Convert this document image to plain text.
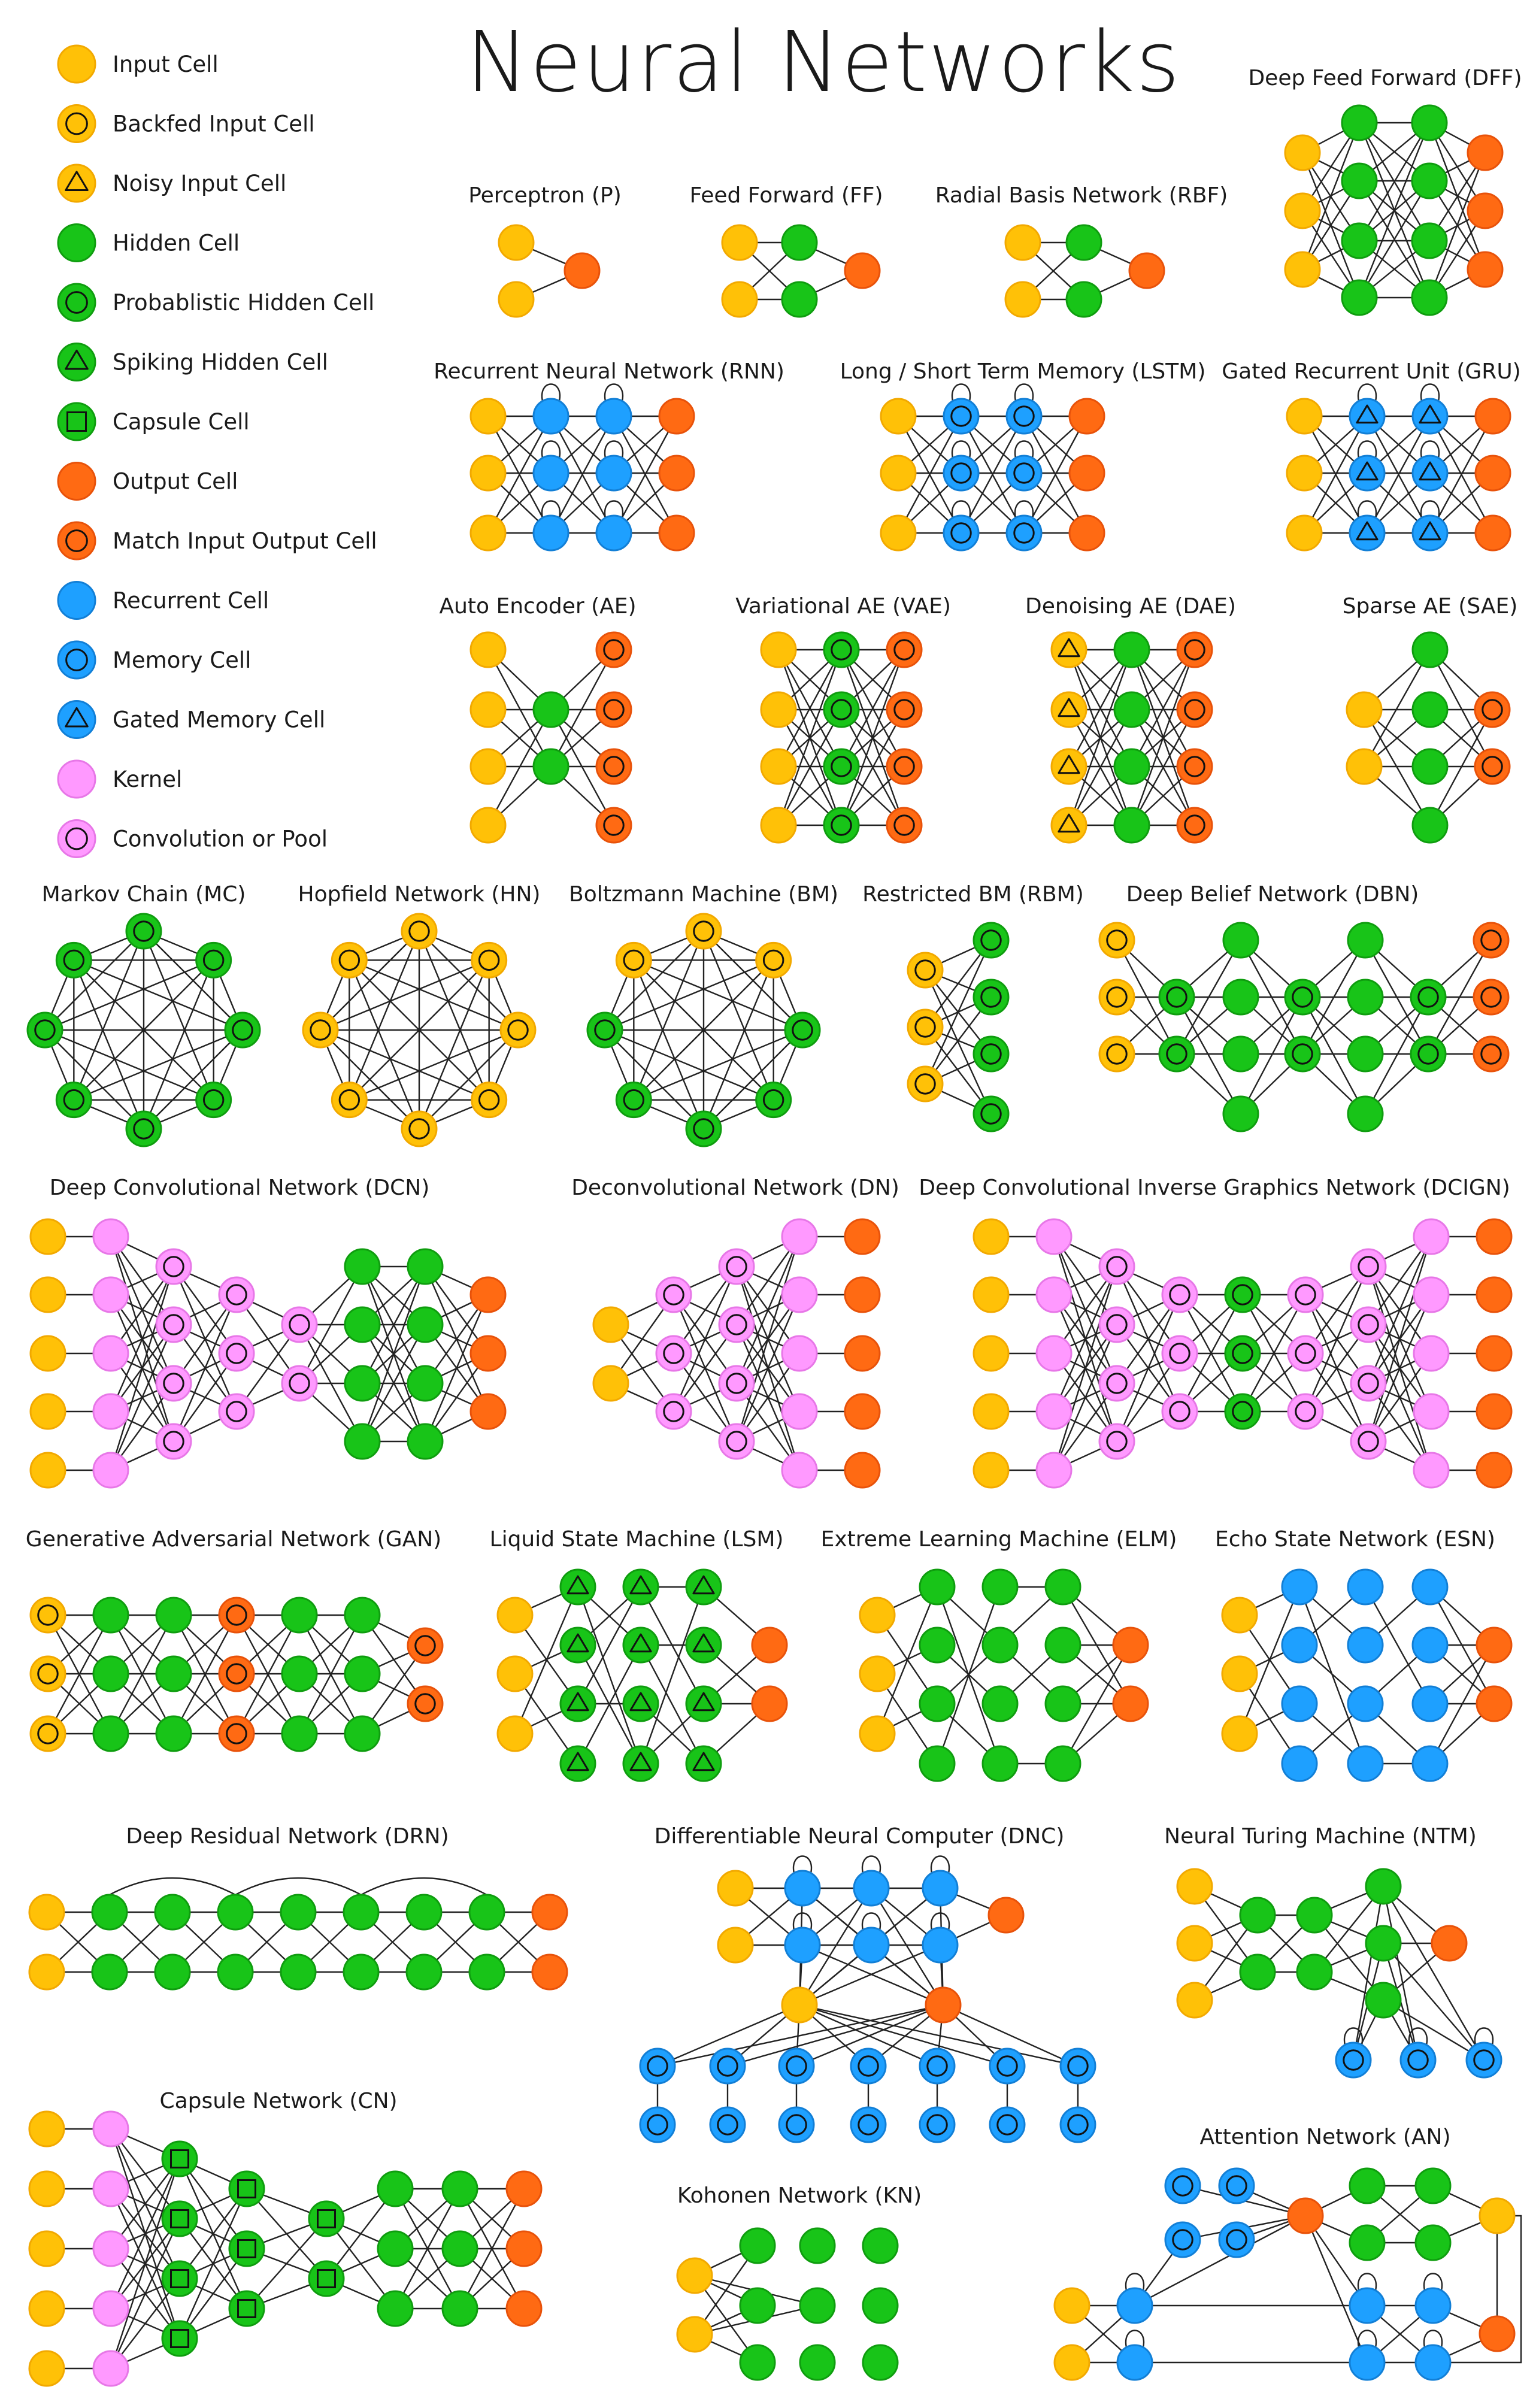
Neural Networks
Input Cell
Backfed Input Cell
Noisy Input Cell
Hidden Cell
Probablistic Hidden Cell
Spiking Hidden Cell
Capsule Cell
Output Cell
Match Input Output Cell
Recurrent Cell
Memory Cell
Gated Memory Cell
Kernel
Convolution or Pool
Perceptron (P)	Feed Forward (FF) Radial Basis Network (RBF)
Deep Feed Forward (DFF)
Recurrent Neural Network (RNN)	Long / Short Term Memory (LSTM) Gated Recurrent Unit (GRU)
Auto Encoder (AE)	Variational AE (VAE)	Denoising AE (DAE)	Sparse AE (SAE)
Markov Chain (MC) Hopfield Network (HN) Boltzmann Machine (BM) Restricted BM (RBM) Deep Belief Network (DBN)
Deep Convolutional Network (DCN)	Deconvolutional Network (DN) Deep Convolutional Inverse Graphics Network (DCIGN)
Generative Adversarial Network (GAN) Liquid State Machine (LSM) Extreme Learning Machine (ELM) Echo State Network (ESN)
Deep Residual Network (DRN)	Differentiable Neural Computer (DNC)	Neural Turing Machine (NTM)
Capsule Network (CN)
Kohonen Network (KN)
Attention Network (AN)
